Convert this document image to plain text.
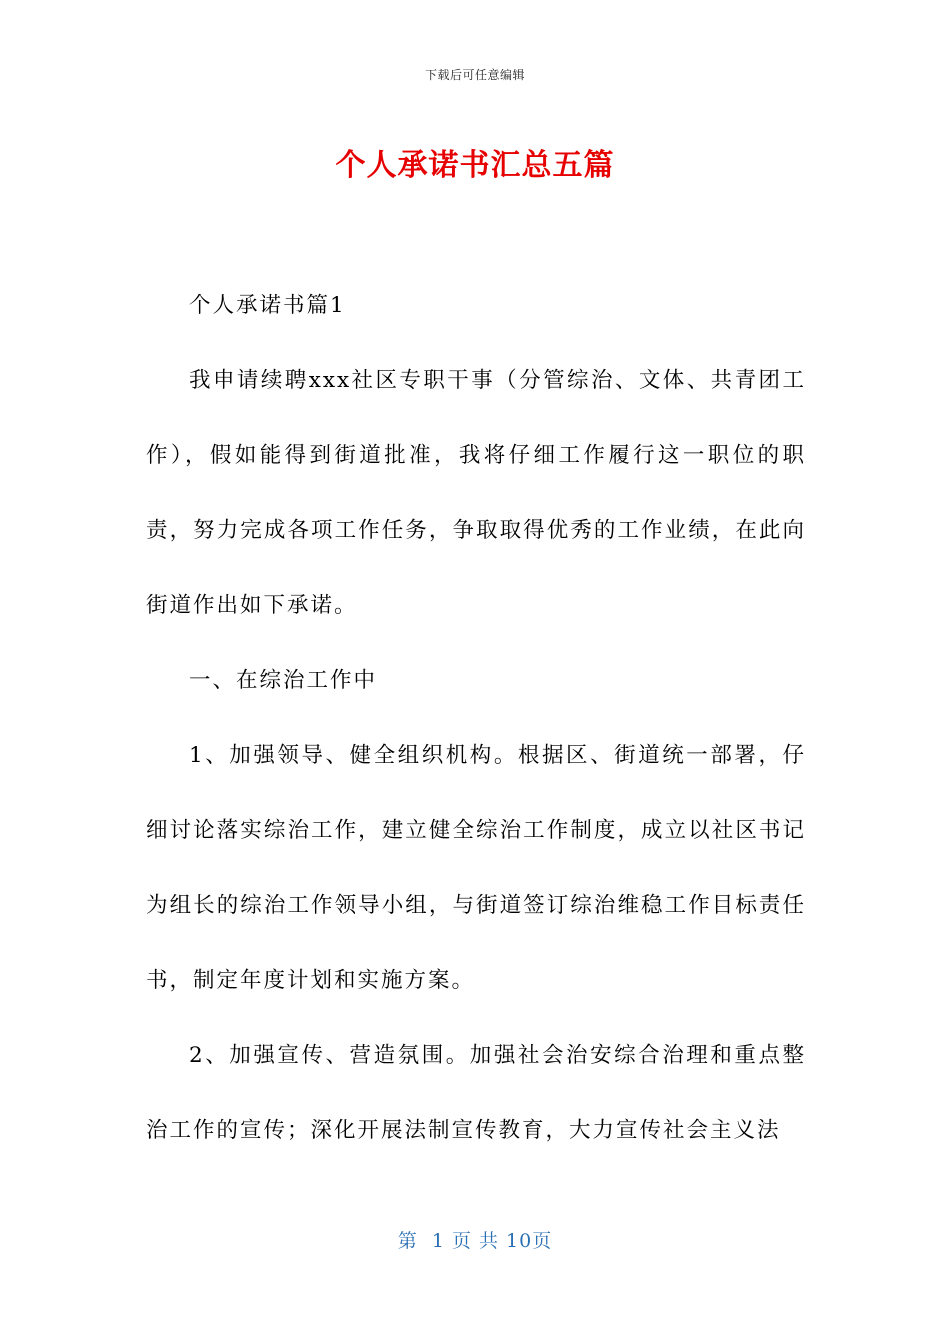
下载后可任意编辑
个人承诺书汇总五篇

个人承诺书篇1

我申请续聘xxx社区专职干事（分管综治、文体、共青团工作），假如能得到街道批准，我将仔细工作履行这一职位的职责，努力完成各项工作任务，争取取得优秀的工作业绩，在此向街道作出如下承诺。

一、在综治工作中

1、加强领导、健全组织机构。根据区、街道统一部署，仔细讨论落实综治工作，建立健全综治工作制度，成立以社区书记为组长的综治工作领导小组，与街道签订综治维稳工作目标责任书，制定年度计划和实施方案。

2、加强宣传、营造氛围。加强社会治安综合治理和重点整治工作的宣传；深化开展法制宣传教育，大力宣传社会主义法

第  1 页 共 10页
